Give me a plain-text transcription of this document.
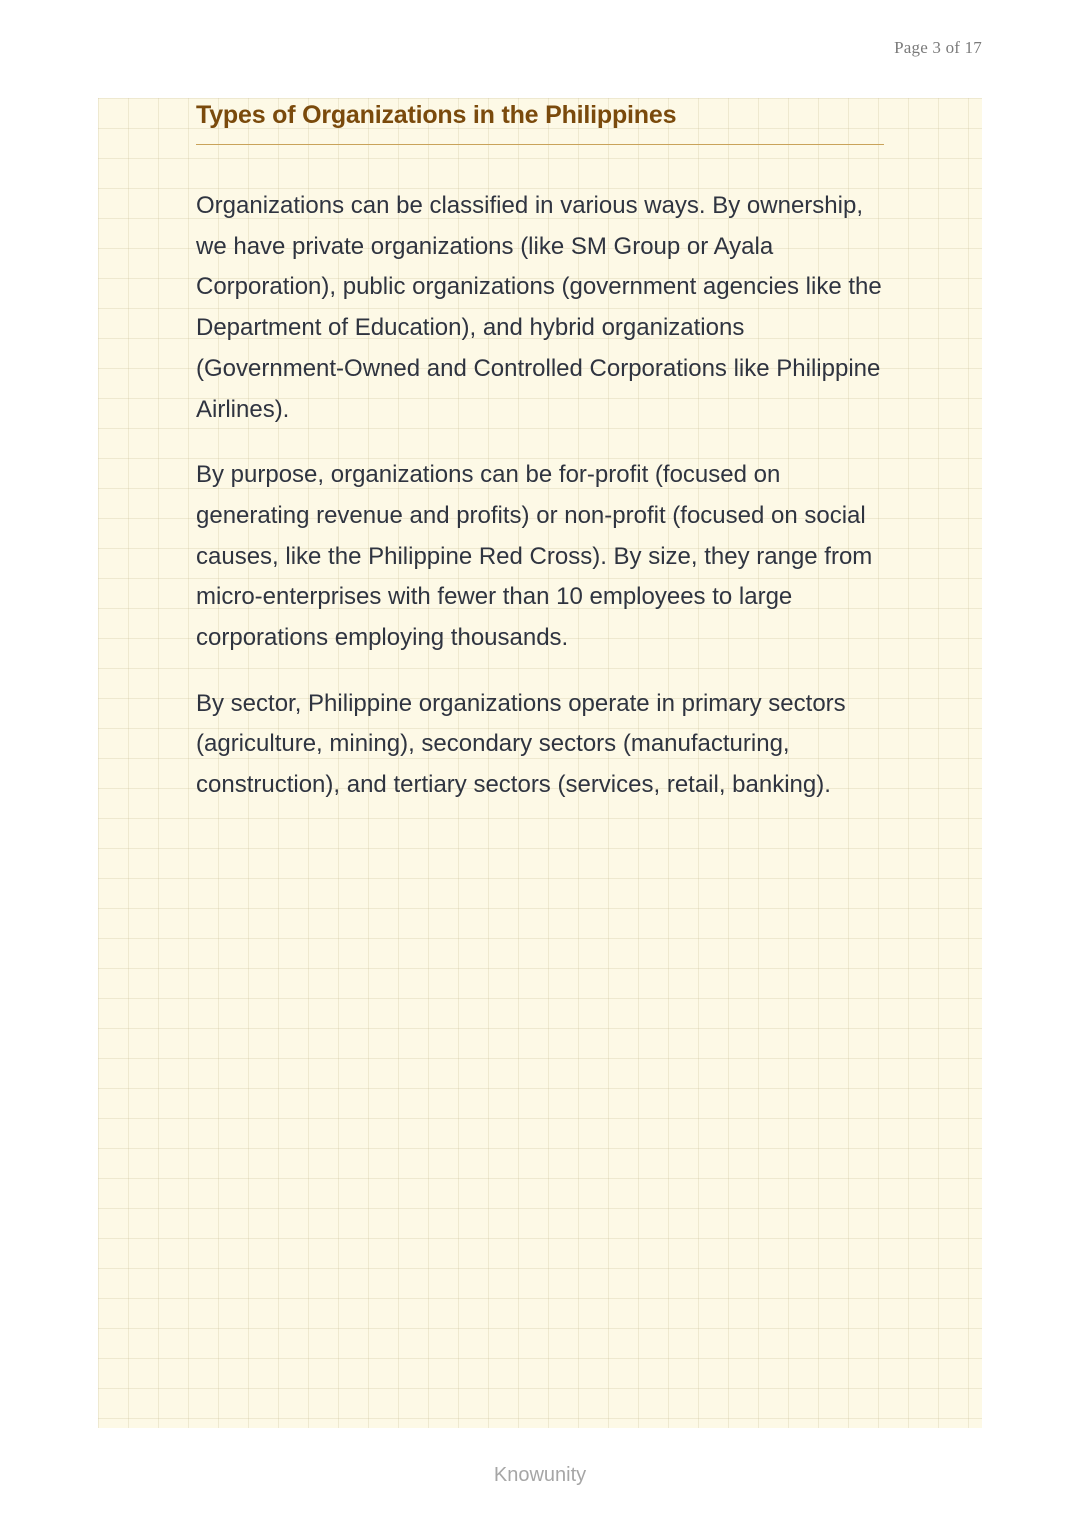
Page 3 of 17
Types of Organizations in the Philippines

Organizations can be classified in various ways. By ownership, we have private organizations (like SM Group or Ayala Corporation), public organizations (government agencies like the Department of Education), and hybrid organizations (Government-Owned and Controlled Corporations like Philippine Airlines).

By purpose, organizations can be for-profit (focused on generating revenue and profits) or non-profit (focused on social causes, like the Philippine Red Cross). By size, they range from micro-enterprises with fewer than 10 employees to large corporations employing thousands.

By sector, Philippine organizations operate in primary sectors (agriculture, mining), secondary sectors (manufacturing, construction), and tertiary sectors (services, retail, banking).

Knowunity
